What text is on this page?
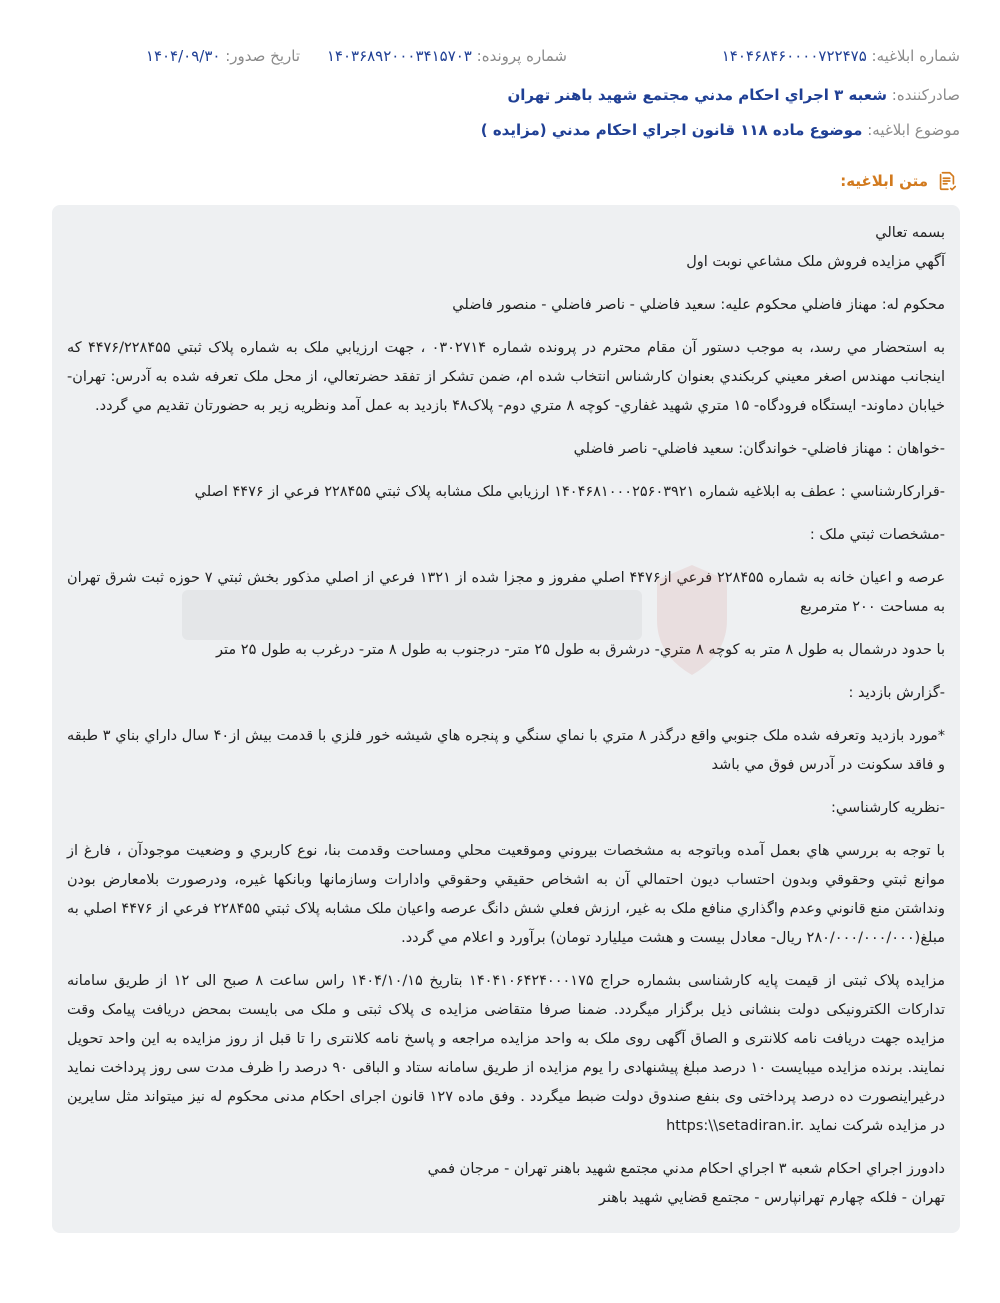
شماره ابلاغيه: ۱۴۰۴۶۸۴۶۰۰۰۰۷۲۲۴۷۵
شماره پرونده: ۱۴۰۳۶۸۹۲۰۰۰۳۴۱۵۷۰۳
تاريخ صدور: ۱۴۰۴/۰۹/۳۰
صادرکننده: شعبه ۳ اجراي احکام مدني مجتمع شهيد باهنر تهران
موضوع ابلاغيه: موضوع ماده ۱۱۸ قانون اجراي احکام مدني (مزايده )
متن ابلاغيه:

بسمه تعالي

آگهي مزايده فروش ملک مشاعي نوبت اول

محکوم له: مهناز فاضلي محکوم عليه: سعيد فاضلي - ناصر فاضلي - منصور فاضلي

به استحضار مي رسد، به موجب دستور آن مقام محترم در پرونده شماره ۰۳۰۲۷۱۴ ، جهت ارزيابي ملک به شماره پلاک ثبتي ۴۴۷۶/۲۲۸۴۵۵ که اينجانب مهندس اصغر معيني کربکندي بعنوان کارشناس انتخاب شده ام، ضمن تشکر از تفقد حضرتعالي، از محل ملک تعرفه شده به آدرس: تهران- خيابان دماوند- ايستگاه فرودگاه- ۱۵ متري شهيد غفاري- کوچه ۸ متري دوم- پلاک۴۸ بازديد به عمل آمد ونظريه زير به حضورتان تقديم مي گردد.

-خواهان : مهناز فاضلي- خواندگان: سعيد فاضلي- ناصر فاضلي

-قرارکارشناسي : عطف به ابلاغيه شماره ۱۴۰۴۶۸۱۰۰۰۲۵۶۰۳۹۲۱ ارزيابي ملک مشابه پلاک ثبتي ۲۲۸۴۵۵ فرعي از ۴۴۷۶ اصلي

-مشخصات ثبتي ملک :

عرصه و اعيان خانه به شماره ۲۲۸۴۵۵ فرعي از۴۴۷۶ اصلي مفروز و مجزا شده از ۱۳۲۱ فرعي از اصلي مذکور بخش ثبتي ۷ حوزه ثبت شرق تهران به مساحت ۲۰۰ مترمربع

با حدود درشمال به طول ۸ متر به کوچه ۸ متري- درشرق به طول ۲۵ متر- درجنوب به طول ۸ متر- درغرب به طول ۲۵ متر

-گزارش بازديد :

*مورد بازديد وتعرفه شده ملک جنوبي واقع درگذر ۸ متري با نماي سنگي و پنجره هاي شيشه خور فلزي با قدمت بيش از۴۰ سال داراي بناي ۳ طبقه و فاقد سکونت در آدرس فوق مي باشد

-نظريه کارشناسي:

با توجه به بررسي هاي بعمل آمده وباتوجه به مشخصات بيروني وموقعيت محلي ومساحت وقدمت بنا، نوع کاربري و وضعيت موجودآن ، فارغ از موانع ثبتي وحقوقي وبدون احتساب ديون احتمالي آن به اشخاص حقيقي وحقوقي وادارات وسازمانها وبانکها غيره، ودرصورت بلامعارض بودن ونداشتن منع قانوني وعدم واگذاري منافع ملک به غير، ارزش فعلي شش دانگ عرصه واعيان ملک مشابه پلاک ثبتي ۲۲۸۴۵۵ فرعي از ۴۴۷۶ اصلي به مبلغ(۲۸۰/۰۰۰/۰۰۰/۰۰۰ ريال- معادل بيست و هشت ميليارد تومان) برآورد و اعلام مي گردد.

مزايده پلاک ثبتی از قيمت پايه کارشناسی بشماره حراج ۱۴۰۴۱۰۶۴۲۴۰۰۰۱۷۵ بتاريخ ۱۴۰۴/۱۰/۱۵ راس ساعت ۸ صبح الی ۱۲ از طريق سامانه تدارکات الکترونيکی دولت بنشانی ذيل برگزار ميگردد. ضمنا صرفا متقاضی مزايده ی پلاک ثبتی و ملک می بايست بمحض دريافت پيامک وقت مزايده جهت دريافت نامه کلانتری و الصاق آگهی روی ملک به واحد مزايده مراجعه و پاسخ نامه کلانتری را تا قبل از روز مزايده به اين واحد تحويل نمايند. برنده مزايده ميبايست ۱۰ درصد مبلغ پيشنهادی را يوم مزايده از طريق سامانه ستاد و الباقی ۹۰ درصد را ظرف مدت سی روز پرداخت نمايد درغيراينصورت ده درصد پرداختی وی بنفع صندوق دولت ضبط ميگردد . وفق ماده ۱۲۷ قانون اجرای احکام مدنی محکوم له نيز ميتواند مثل سايرين در مزايده شرکت نمايد https:\\setadiran.ir.

دادورز اجراي احکام شعبه ۳ اجراي احکام مدني مجتمع شهيد باهنر تهران - مرجان فمي

تهران - فلکه چهارم تهرانپارس - مجتمع قضايي شهيد باهنر
